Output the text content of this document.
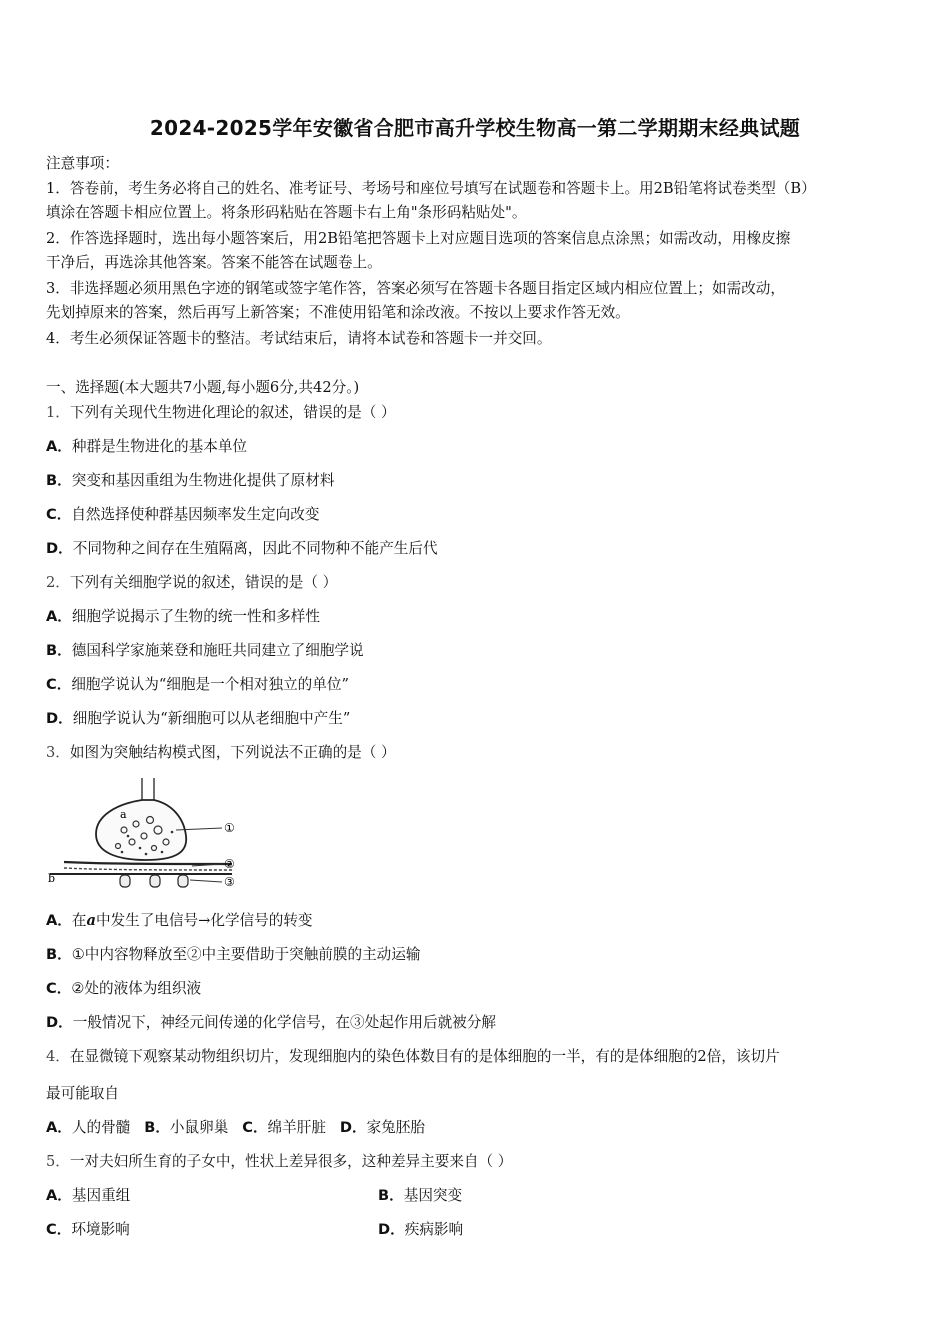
2024-2025学年安徽省合肥市高升学校生物高一第二学期期末经典试题
注意事项：
1．答卷前，考生务必将自己的姓名、准考证号、考场号和座位号填写在试题卷和答题卡上。用2B铅笔将试卷类型（B）
填涂在答题卡相应位置上。将条形码粘贴在答题卡右上角"条形码粘贴处"。
2．作答选择题时，选出每小题答案后，用2B铅笔把答题卡上对应题目选项的答案信息点涂黑；如需改动，用橡皮擦
干净后，再选涂其他答案。答案不能答在试题卷上。
3．非选择题必须用黑色字迹的钢笔或签字笔作答，答案必须写在答题卡各题目指定区域内相应位置上；如需改动，
先划掉原来的答案，然后再写上新答案；不准使用铅笔和涂改液。不按以上要求作答无效。
4．考生必须保证答题卡的整洁。考试结束后，请将本试卷和答题卡一并交回。
一、选择题(本大题共7小题,每小题6分,共42分。)
1．下列有关现代生物进化理论的叙述，错误的是（ ）
A．种群是生物进化的基本单位
B．突变和基因重组为生物进化提供了原材料
C．自然选择使种群基因频率发生定向改变
D．不同物种之间存在生殖隔离，因此不同物种不能产生后代
2．下列有关细胞学说的叙述，错误的是（ ）
A．细胞学说揭示了生物的统一性和多样性
B．德国科学家施莱登和施旺共同建立了细胞学说
C．细胞学说认为“细胞是一个相对独立的单位”
D．细胞学说认为“新细胞可以从老细胞中产生”
3．如图为突触结构模式图，下列说法不正确的是（ ）
①
②
③
a
b
A．在a中发生了电信号→化学信号的转变
B．①中内容物释放至②中主要借助于突触前膜的主动运输
C．②处的液体为组织液
D．一般情况下，神经元间传递的化学信号，在③处起作用后就被分解
4．在显微镜下观察某动物组织切片，发现细胞内的染色体数目有的是体细胞的一半，有的是体细胞的2倍，该切片
最可能取自
A．人的骨髓 B．小鼠卵巢 C．绵羊肝脏 D．家兔胚胎
5．一对夫妇所生育的子女中，性状上差异很多，这种差异主要来自（ ）
A．基因重组	B．基因突变
C．环境影响	D．疾病影响
